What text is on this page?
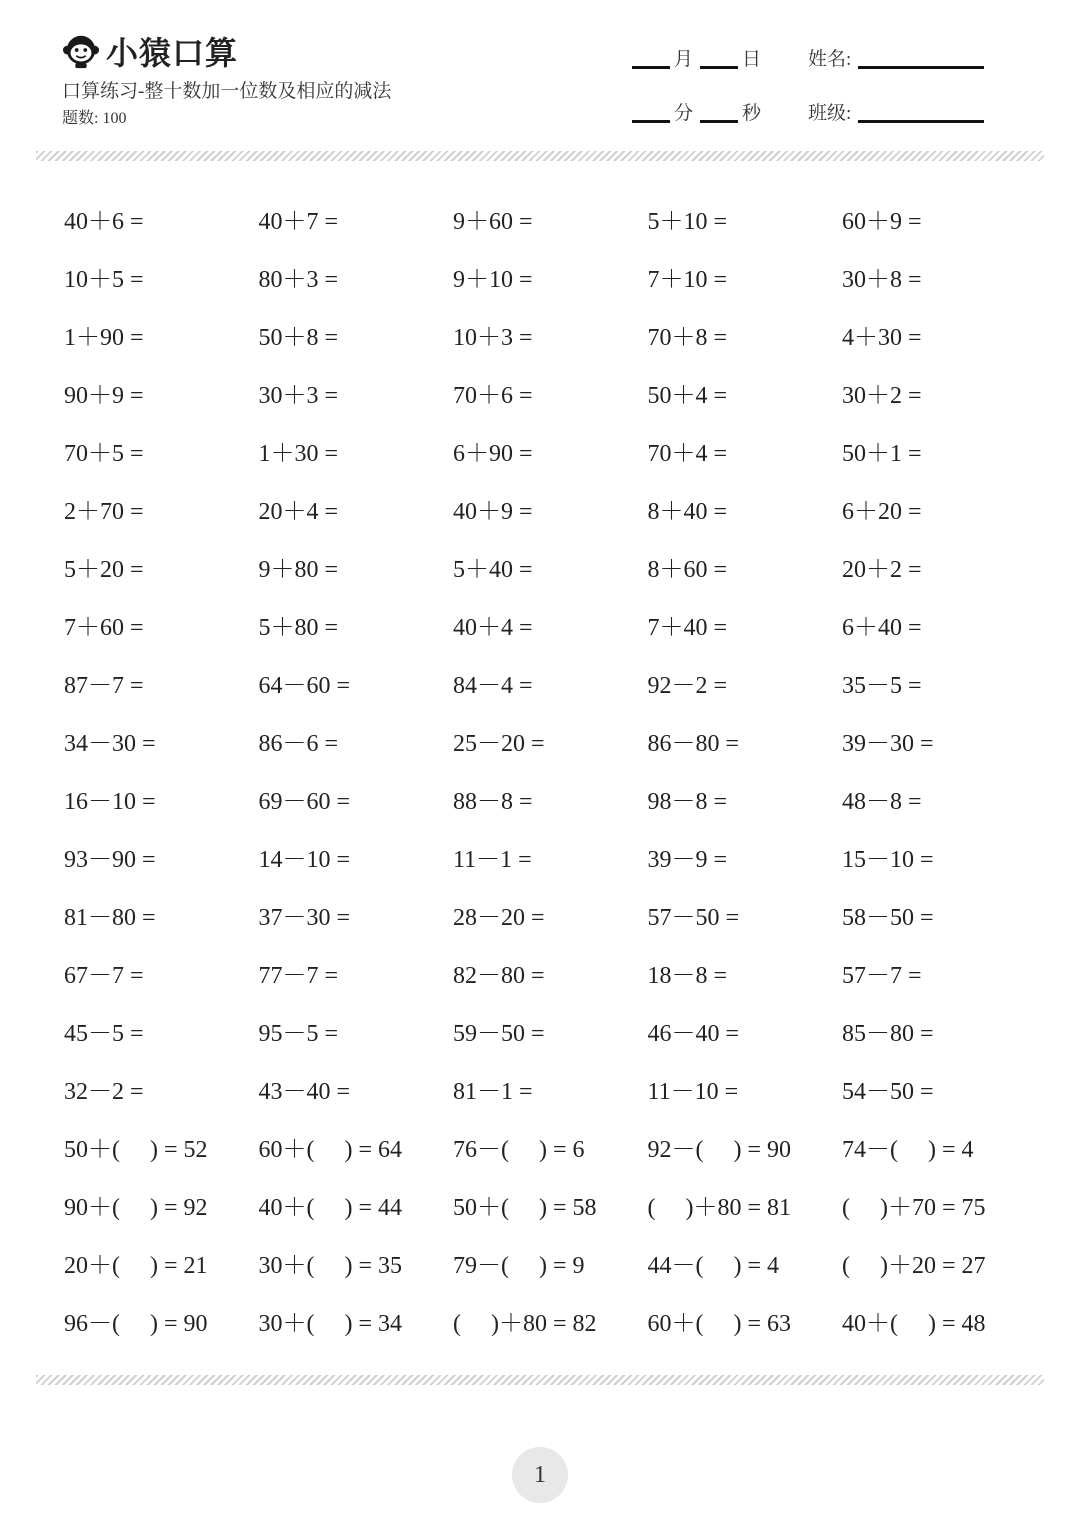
小猿口算
口算练习-整十数加一位数及相应的减法
题数: 100
月	日 姓名:
分	秒 班级:
40＋6 =	40＋7 =	9＋60 =	5＋10 =	60＋9 =
10＋5 =	80＋3 =	9＋10 =	7＋10 =	30＋8 =
1＋90 =	50＋8 =	10＋3 =	70＋8 =	4＋30 =
90＋9 =	30＋3 =	70＋6 =	50＋4 =	30＋2 =
70＋5 =	1＋30 =	6＋90 =	70＋4 =	50＋1 =
2＋70 =	20＋4 =	40＋9 =	8＋40 =	6＋20 =
5＋20 =	9＋80 =	5＋40 =	8＋60 =	20＋2 =
7＋60 =	5＋80 =	40＋4 =	7＋40 =	6＋40 =
87－7 =	64－60 =	84－4 =	92－2 =	35－5 =
34－30 =	86－6 =	25－20 =	86－80 =	39－30 =
16－10 =	69－60 =	88－8 =	98－8 =	48－8 =
93－90 =	14－10 =	11－1 =	39－9 =	15－10 =
81－80 =	37－30 =	28－20 =	57－50 =	58－50 =
67－7 =	77－7 =	82－80 =	18－8 =	57－7 =
45－5 =	95－5 =	59－50 =	46－40 =	85－80 =
32－2 =	43－40 =	81－1 =	11－10 =	54－50 =
50＋(  ) = 52	60＋(  ) = 64	76－(  ) = 6	92－(  ) = 90	74－(  ) = 4
90＋(  ) = 92	40＋(  ) = 44	50＋(  ) = 58	(  )＋80 = 81	(  )＋70 = 75
20＋(  ) = 21	30＋(  ) = 35	79－(  ) = 9	44－(  ) = 4	(  )＋20 = 27
96－(  ) = 90	30＋(  ) = 34	(  )＋80 = 82	60＋(  ) = 63	40＋(  ) = 48
1
